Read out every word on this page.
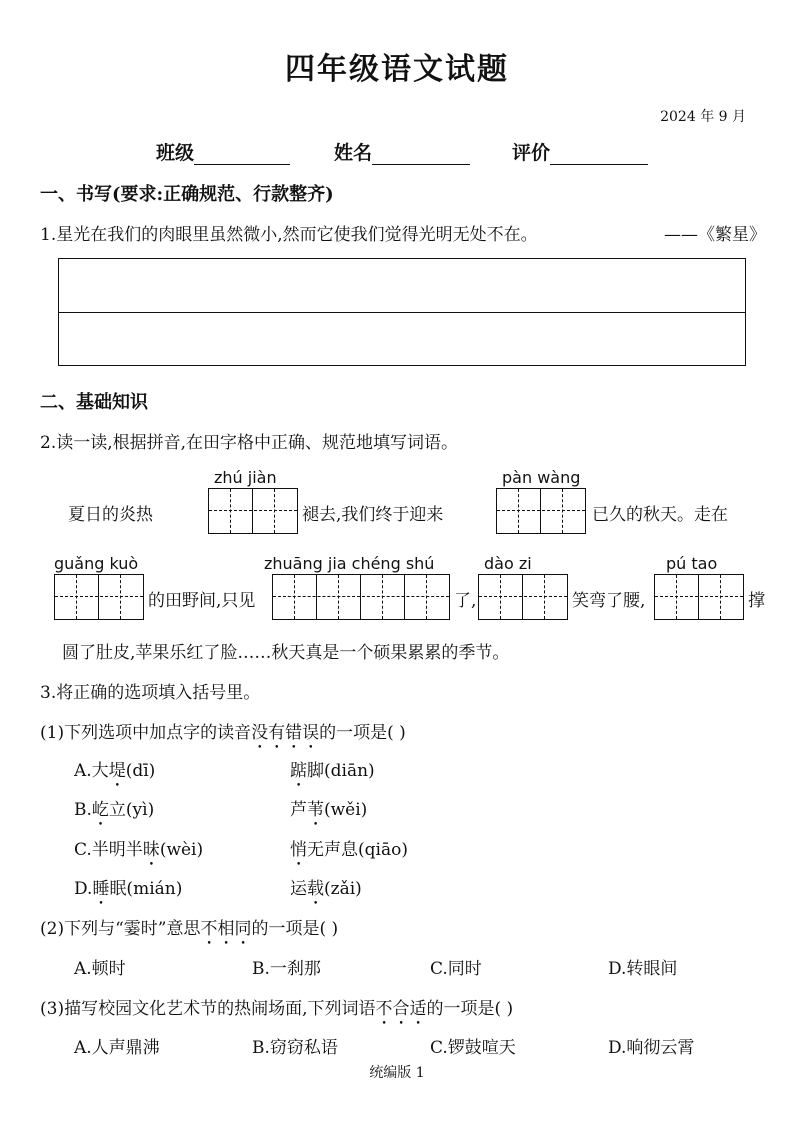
四年级语文试题
2024 年 9 月
班级	姓名	评价
一、书写(要求:正确规范、行款整齐)
1.星光在我们的肉眼里虽然微小,然而它使我们觉得光明无处不在。	——《繁星》
二、基础知识
2.读一读,根据拼音,在田字格中正确、规范地填写词语。
zhú jiàn	pàn wàng
夏日的炎热	褪去,我们终于迎来	已久的秋天。走在
guǎng kuò	zhuāng jia chéng shú	dào zi	pú tao
的田野间,只见	了,	笑弯了腰,	撑
圆了肚皮,苹果乐红了脸……秋天真是一个硕果累累的季节。
3.将正确的选项填入括号里。
(1)下列选项中加点字的读音没有错误的一项是( )
A.大堤(dī)	踮脚(diān)
B.屹立(yì)	芦苇(wěi)
C.半明半昧(wèi)	悄无声息(qiāo)
D.睡眠(mián)	运载(zǎi)
(2)下列与“霎时”意思不相同的一项是( )
A.顿时	B.一刹那	C.同时	D.转眼间
(3)描写校园文化艺术节的热闹场面,下列词语不合适的一项是( )
A.人声鼎沸	B.窃窃私语	C.锣鼓喧天	D.响彻云霄
统编版 1
